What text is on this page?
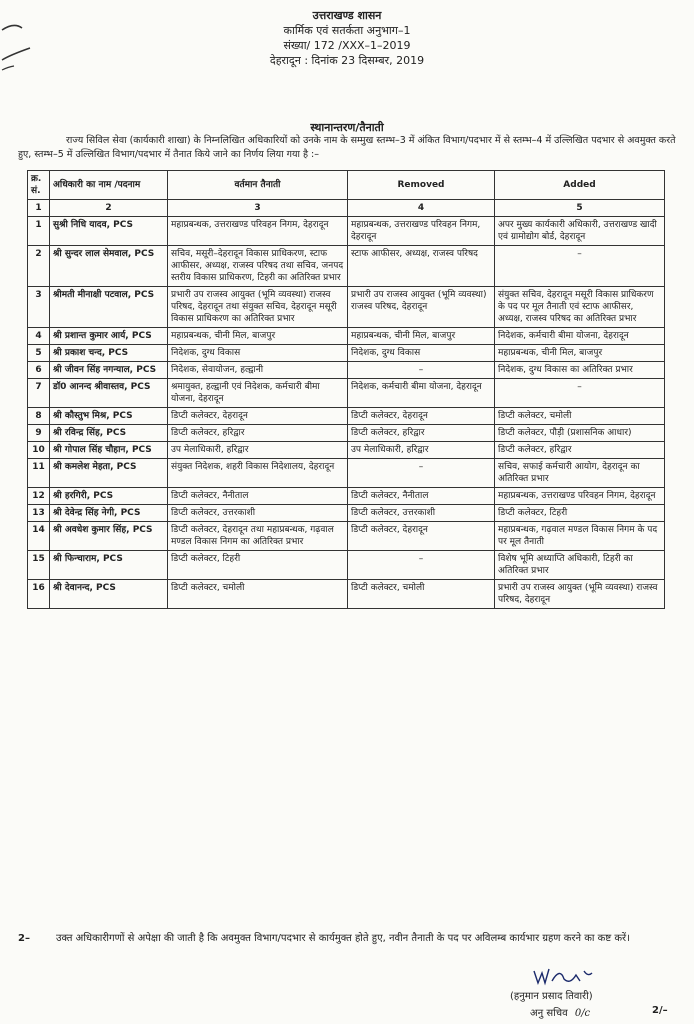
उत्तराखण्ड शासन
कार्मिक एवं सतर्कता अनुभाग–1
संख्या/ 172 /XXX–1–2019
देहरादून : दिनांक 23 दिसम्बर, 2019
स्थानान्तरण/तैनाती
राज्य सिविल सेवा (कार्यकारी शाखा) के निम्नलिखित अधिकारियों को उनके नाम के सम्मुख स्तम्भ–3 में अंकित विभाग/पदभार में से स्तम्भ–4 में उल्लिखित पदभार से अवमुक्त करते हुए, स्तम्भ–5 में उल्लिखित विभाग/पदभार में तैनात किये जाने का निर्णय लिया गया है :–
क्र. सं.	अधिकारी का नाम /पदनाम	वर्तमान तैनाती	Removed	Added
1	2	3	4	5
1	सुश्री निधि यादव, PCS	महाप्रबन्धक, उत्तराखण्ड परिवहन निगम, देहरादून	महाप्रबन्धक, उत्तराखण्ड परिवहन निगम, देहरादून	अपर मुख्य कार्यकारी अधिकारी, उत्तराखण्ड खादी एवं ग्रामोद्योग बोर्ड, देहरादून
2	श्री सुन्दर लाल सेमवाल, PCS	सचिव, मसूरी–देहरादून विकास प्राधिकरण, स्टाफ आफीसर, अध्यक्ष, राजस्व परिषद तथा सचिव, जनपद स्तरीय विकास प्राधिकरण, टिहरी का अतिरिक्त प्रभार	स्टाफ आफीसर, अध्यक्ष, राजस्व परिषद	–
3	श्रीमती मीनाक्षी पटवाल, PCS	प्रभारी उप राजस्व आयुक्त (भूमि व्यवस्था) राजस्व परिषद, देहरादून तथा संयुक्त सचिव, देहरादून मसूरी विकास प्राधिकरण का अतिरिक्त प्रभार	प्रभारी उप राजस्व आयुक्त (भूमि व्यवस्था) राजस्व परिषद, देहरादून	संयुक्त सचिव, देहरादून मसूरी विकास प्राधिकरण के पद पर मूल तैनाती एवं स्टाफ आफीसर, अध्यक्ष, राजस्व परिषद का अतिरिक्त प्रभार
4	श्री प्रशान्त कुमार आर्य, PCS	महाप्रबन्धक, चीनी मिल, बाजपुर	महाप्रबन्धक, चीनी मिल, बाजपुर	निदेशक, कर्मचारी बीमा योजना, देहरादून
5	श्री प्रकाश चन्द, PCS	निदेशक, दुग्ध विकास	निदेशक, दुग्ध विकास	महाप्रबन्धक, चीनी मिल, बाजपुर
6	श्री जीवन सिंह नगन्याल, PCS	निदेशक, सेवायोजन, हल्द्वानी	–	निदेशक, दुग्ध विकास का अतिरिक्त प्रभार
7	डॉ0 आनन्द श्रीवास्तव, PCS	श्रमायुक्त, हल्द्वानी एवं निदेशक, कर्मचारी बीमा योजना, देहरादून	निदेशक, कर्मचारी बीमा योजना, देहरादून	–
8	श्री कौस्तुभ मिश्र, PCS	डिप्टी कलेक्टर, देहरादून	डिप्टी कलेक्टर, देहरादून	डिप्टी कलेक्टर, चमोली
9	श्री रविन्द्र सिंह, PCS	डिप्टी कलेक्टर, हरिद्वार	डिप्टी कलेक्टर, हरिद्वार	डिप्टी कलेक्टर, पौड़ी (प्रशासनिक आधार)
10	श्री गोपाल सिंह चौहान, PCS	उप मेलाधिकारी, हरिद्वार	उप मेलाधिकारी, हरिद्वार	डिप्टी कलेक्टर, हरिद्वार
11	श्री कमलेश मेहता, PCS	संयुक्त निदेशक, शहरी विकास निदेशालय, देहरादून	–	सचिव, सफाई कर्मचारी आयोग, देहरादून का अतिरिक्त प्रभार
12	श्री हरगिरी, PCS	डिप्टी कलेक्टर, नैनीताल	डिप्टी कलेक्टर, नैनीताल	महाप्रबन्धक, उत्तराखण्ड परिवहन निगम, देहरादून
13	श्री देवेन्द्र सिंह नेगी, PCS	डिप्टी कलेक्टर, उत्तरकाशी	डिप्टी कलेक्टर, उत्तरकाशी	डिप्टी कलेक्टर, टिहरी
14	श्री अवधेश कुमार सिंह, PCS	डिप्टी कलेक्टर, देहरादून तथा महाप्रबन्धक, गढ़वाल मण्डल विकास निगम का अतिरिक्त प्रभार	डिप्टी कलेक्टर, देहरादून	महाप्रबन्धक, गढ़वाल मण्डल विकास निगम के पद पर मूल तैनाती
15	श्री फिन्चाराम, PCS	डिप्टी कलेक्टर, टिहरी	–	विशेष भूमि अध्याप्ति अधिकारी, टिहरी का अतिरिक्त प्रभार
16	श्री देवानन्द, PCS	डिप्टी कलेक्टर, चमोली	डिप्टी कलेक्टर, चमोली	प्रभारी उप राजस्व आयुक्त (भूमि व्यवस्था) राजस्व परिषद, देहरादून
2–	उक्त अधिकारीगणों से अपेक्षा की जाती है कि अवमुक्त विभाग/पदभार से कार्यमुक्त होते हुए, नवीन तैनाती के पद पर अविलम्ब कार्यभार ग्रहण करने का कष्ट करें।
(हनुमान प्रसाद तिवारी)
अनु सचिव 0/c	2/–
